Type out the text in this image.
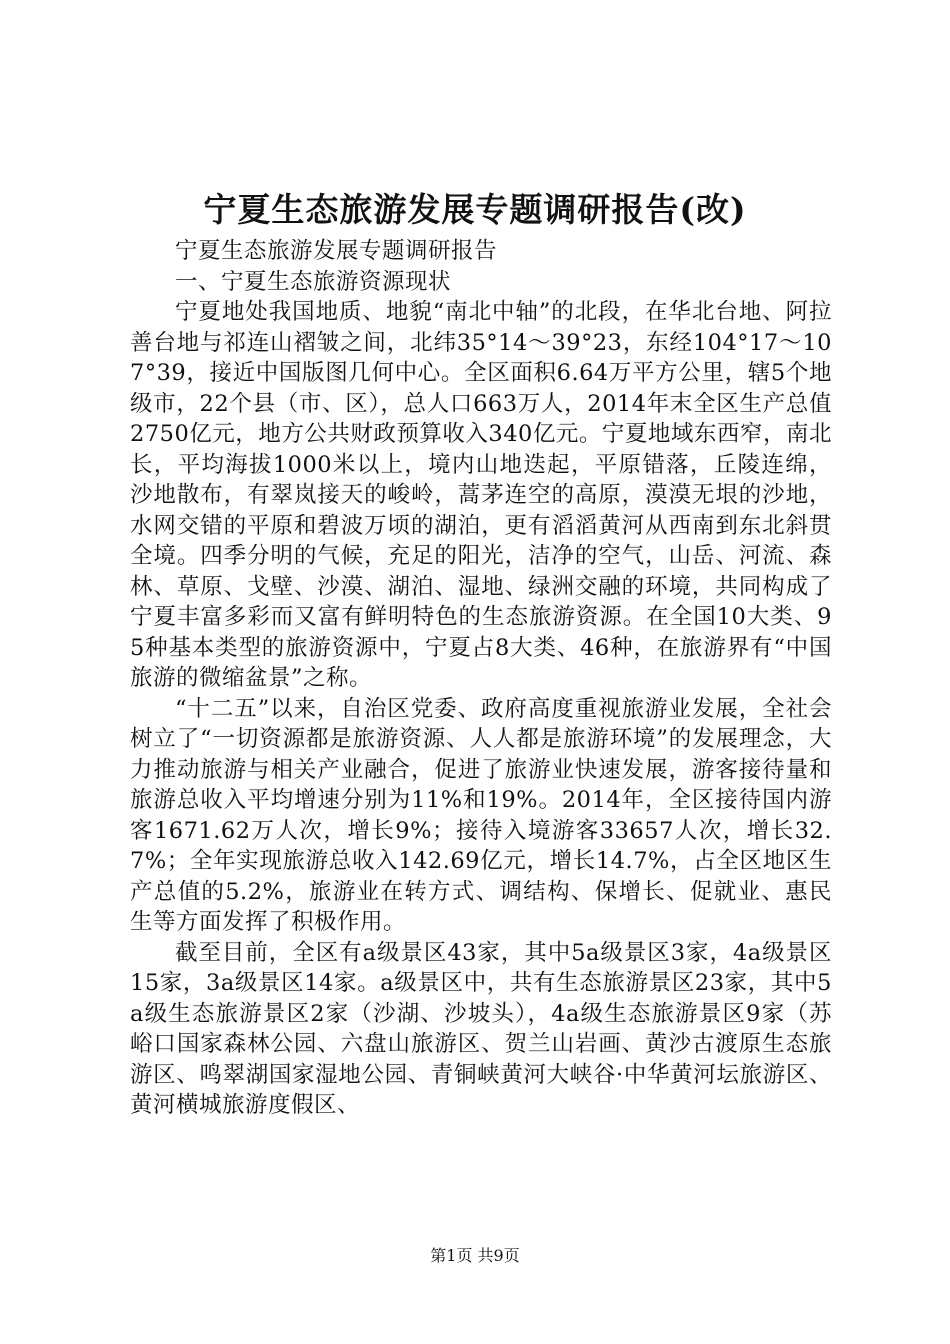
宁夏生态旅游发展专题调研报告(改)

宁夏生态旅游发展专题调研报告

一、宁夏生态旅游资源现状

宁夏地处我国地质、地貌“南北中轴”的北段，在华北台地、阿拉善台地与祁连山褶皱之间，北纬35°14～39°23，东经104°17～107°39，接近中国版图几何中心。全区面积6.64万平方公里，辖5个地级市，22个县（市、区），总人口663万人，2014年末全区生产总值2750亿元，地方公共财政预算收入340亿元。宁夏地域东西窄，南北长，平均海拔1000米以上，境内山地迭起，平原错落，丘陵连绵，沙地散布，有翠岚接天的峻岭，蒿茅连空的高原，漠漠无垠的沙地，水网交错的平原和碧波万顷的湖泊，更有滔滔黄河从西南到东北斜贯全境。四季分明的气候，充足的阳光，洁净的空气，山岳、河流、森林、草原、戈壁、沙漠、湖泊、湿地、绿洲交融的环境，共同构成了宁夏丰富多彩而又富有鲜明特色的生态旅游资源。在全国10大类、95种基本类型的旅游资源中，宁夏占8大类、46种，在旅游界有“中国旅游的微缩盆景”之称。

“十二五”以来，自治区党委、政府高度重视旅游业发展，全社会树立了“一切资源都是旅游资源、人人都是旅游环境”的发展理念，大力推动旅游与相关产业融合，促进了旅游业快速发展，游客接待量和旅游总收入平均增速分别为11%和19%。2014年，全区接待国内游客1671.62万人次，增长9%；接待入境游客33657人次，增长32.7%；全年实现旅游总收入142.69亿元，增长14.7%，占全区地区生产总值的5.2%，旅游业在转方式、调结构、保增长、促就业、惠民生等方面发挥了积极作用。

截至目前，全区有a级景区43家，其中5a级景区3家，4a级景区15家，3a级景区14家。a级景区中，共有生态旅游景区23家，其中5a级生态旅游景区2家（沙湖、沙坡头），4a级生态旅游景区9家（苏峪口国家森林公园、六盘山旅游区、贺兰山岩画、黄沙古渡原生态旅游区、鸣翠湖国家湿地公园、青铜峡黄河大峡谷·中华黄河坛旅游区、黄河横城旅游度假区、

第1页 共9页
